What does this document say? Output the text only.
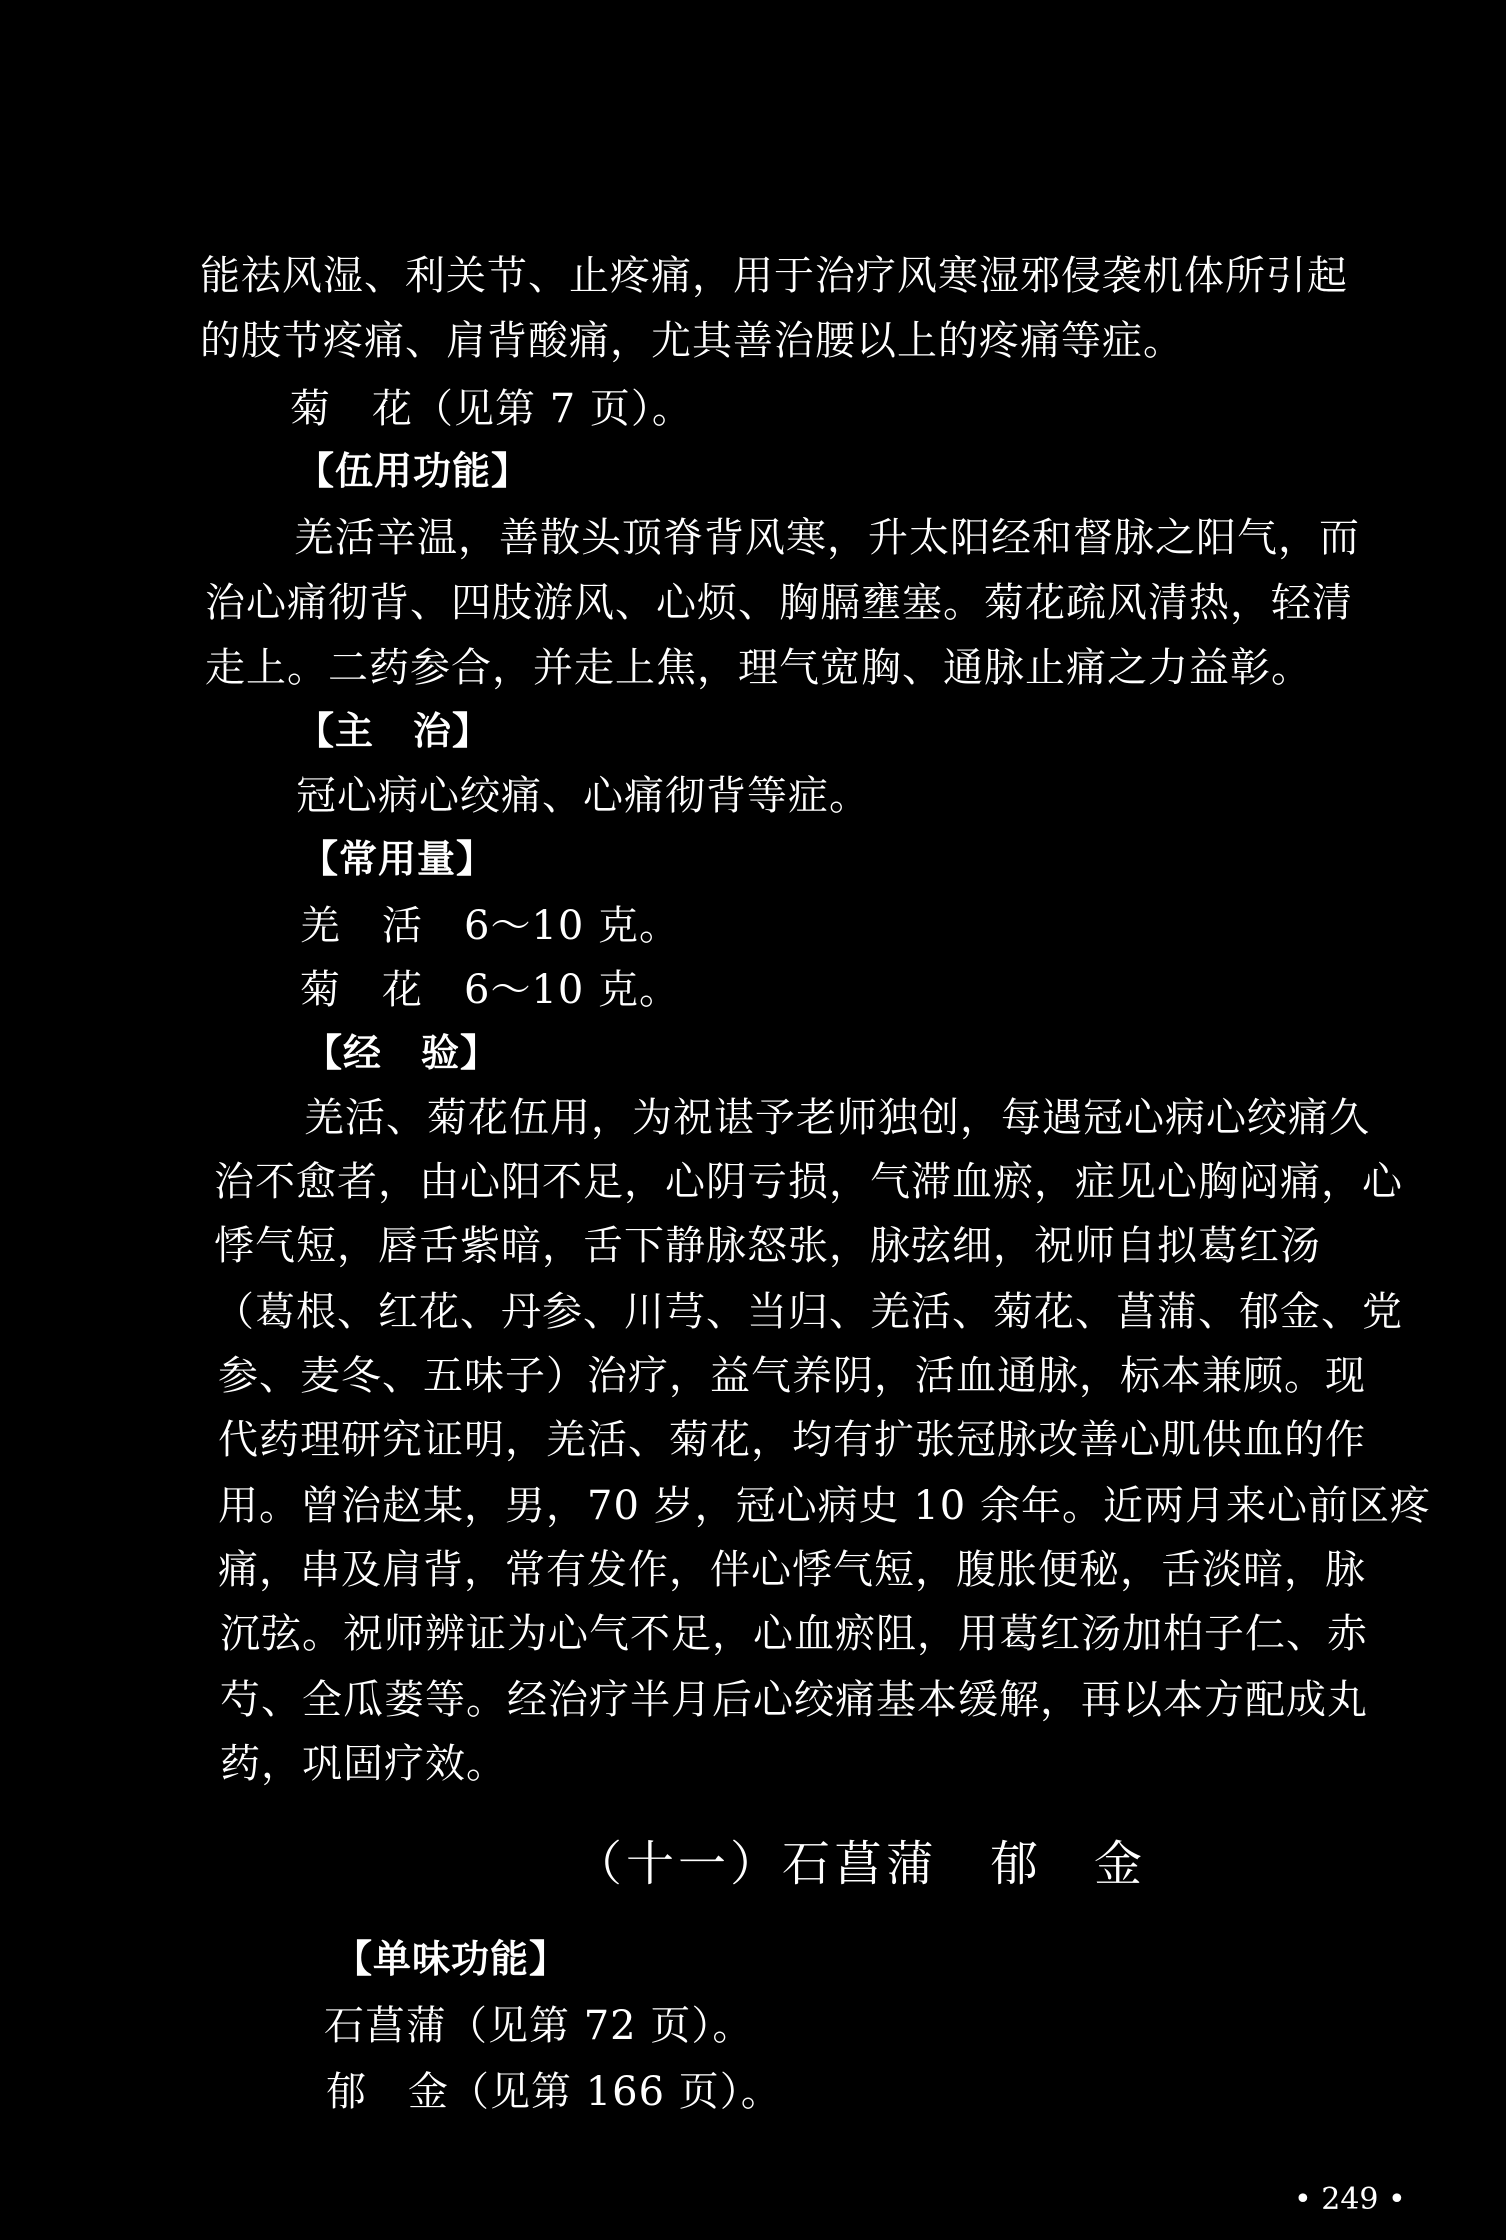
能祛风湿、利关节、止疼痛，用于治疗风寒湿邪侵袭机体所引起
的肢节疼痛、肩背酸痛，尤其善治腰以上的疼痛等症。
菊　花（见第 7 页）。
【伍用功能】
羌活辛温，善散头顶脊背风寒，升太阳经和督脉之阳气，而
治心痛彻背、四肢游风、心烦、胸膈壅塞。菊花疏风清热，轻清
走上。二药参合，并走上焦，理气宽胸、通脉止痛之力益彰。
【主　治】
冠心病心绞痛、心痛彻背等症。
【常用量】
羌　活　6～10 克。
菊　花　6～10 克。
【经　验】
羌活、菊花伍用，为祝谌予老师独创，每遇冠心病心绞痛久
治不愈者，由心阳不足，心阴亏损，气滞血瘀，症见心胸闷痛，心
悸气短，唇舌紫暗，舌下静脉怒张，脉弦细，祝师自拟葛红汤
（葛根、红花、丹参、川芎、当归、羌活、菊花、菖蒲、郁金、党
参、麦冬、五味子）治疗，益气养阴，活血通脉，标本兼顾。现
代药理研究证明，羌活、菊花，均有扩张冠脉改善心肌供血的作
用。曾治赵某，男，70 岁，冠心病史 10 余年。近两月来心前区疼
痛，串及肩背，常有发作，伴心悸气短，腹胀便秘，舌淡暗，脉
沉弦。祝师辨证为心气不足，心血瘀阻，用葛红汤加柏子仁、赤
芍、全瓜蒌等。经治疗半月后心绞痛基本缓解，再以本方配成丸
药，巩固疗效。
（十一）石菖蒲　郁　金
【单味功能】
石菖蒲（见第 72 页）。
郁　金（见第 166 页）。
• 249 •
